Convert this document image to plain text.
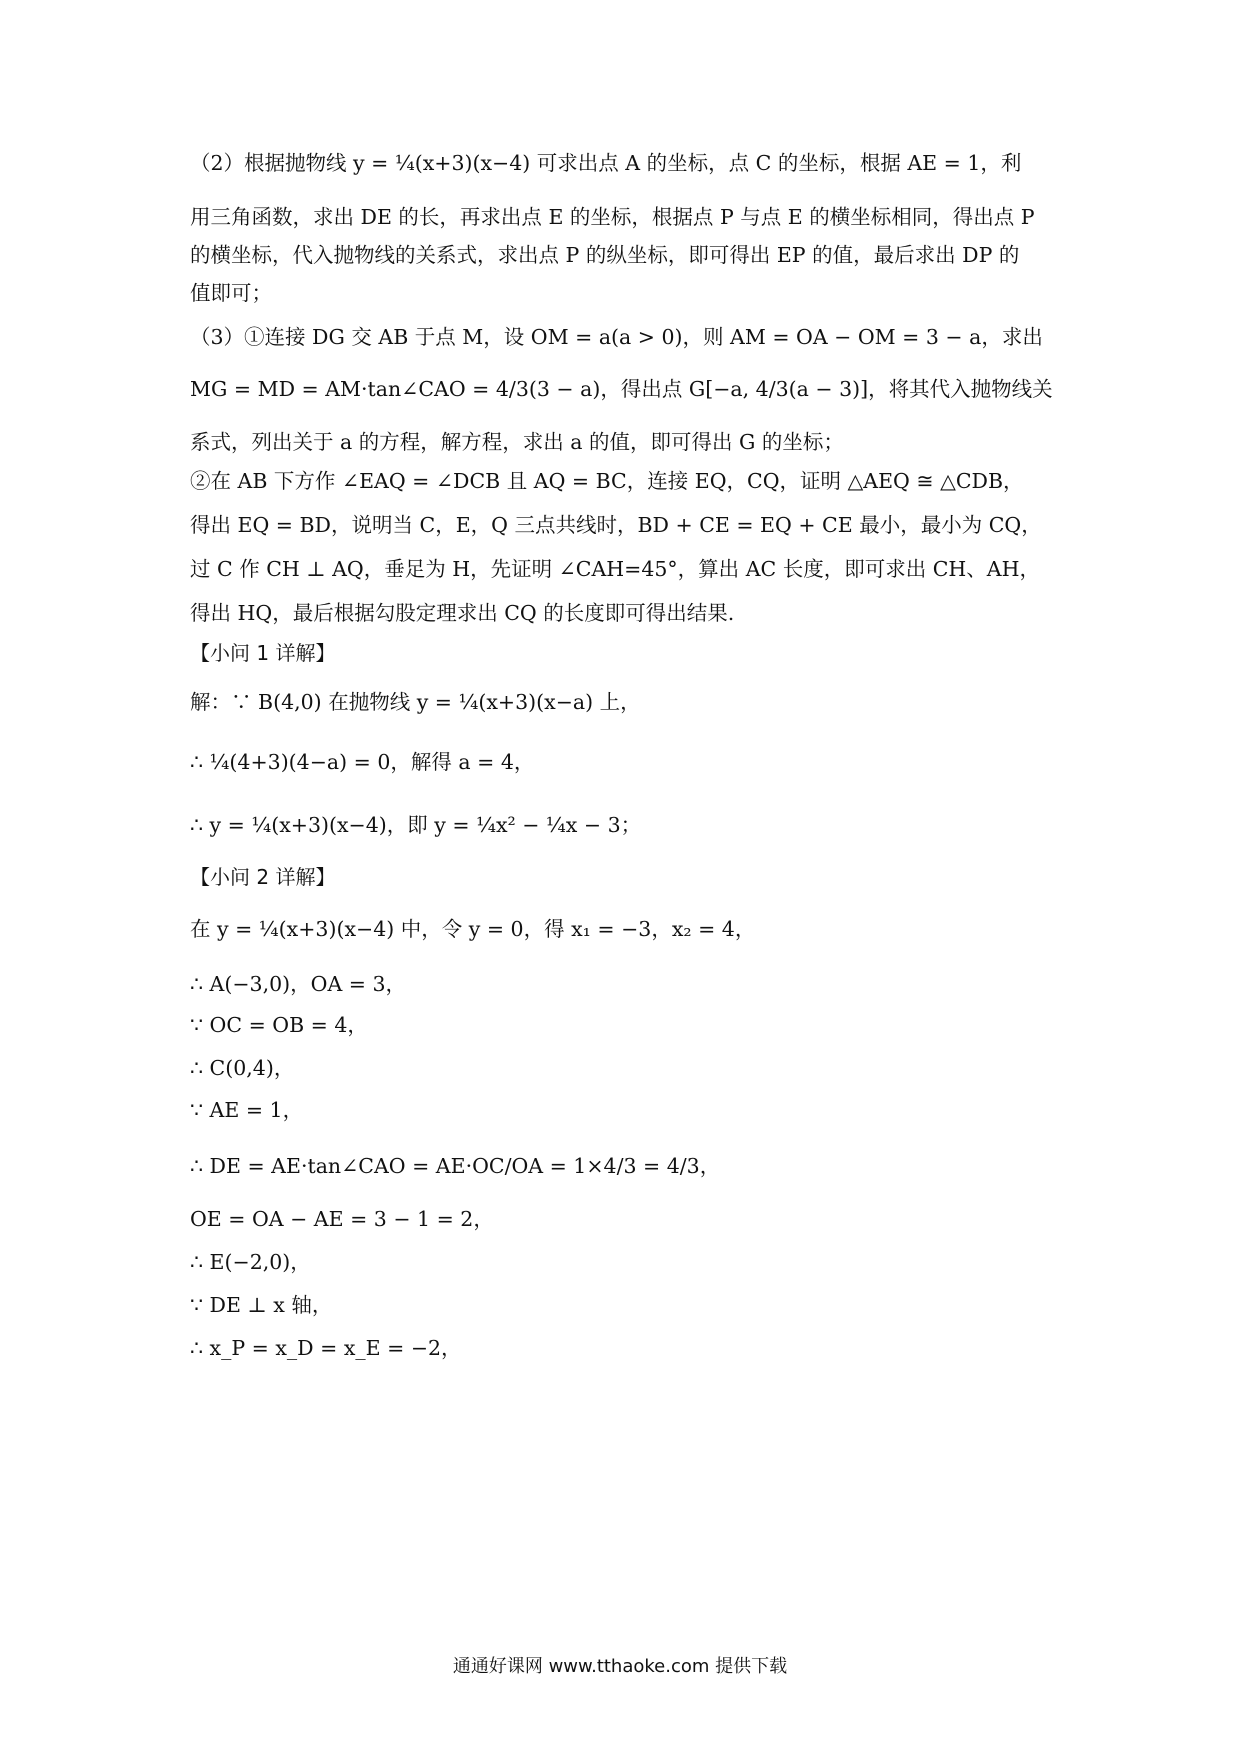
（2）根据抛物线 y = ¼(x+3)(x−4) 可求出点 A 的坐标，点 C 的坐标，根据 AE = 1，利
用三角函数，求出 DE 的长，再求出点 E 的坐标，根据点 P 与点 E 的横坐标相同，得出点 P
的横坐标，代入抛物线的关系式，求出点 P 的纵坐标，即可得出 EP 的值，最后求出 DP 的
值即可；
（3）①连接 DG 交 AB 于点 M，设 OM = a(a > 0)，则 AM = OA − OM = 3 − a，求出
MG = MD = AM·tan∠CAO = 4/3(3 − a)，得出点 G[−a, 4/3(a − 3)]，将其代入抛物线关
系式，列出关于 a 的方程，解方程，求出 a 的值，即可得出 G 的坐标；
②在 AB 下方作 ∠EAQ = ∠DCB 且 AQ = BC，连接 EQ，CQ，证明 △AEQ ≅ △CDB，
得出 EQ = BD，说明当 C，E，Q 三点共线时，BD + CE = EQ + CE 最小，最小为 CQ，
过 C 作 CH ⊥ AQ，垂足为 H，先证明 ∠CAH=45°，算出 AC 长度，即可求出 CH、AH，
得出 HQ，最后根据勾股定理求出 CQ 的长度即可得出结果.
【小问 1 详解】
解：∵ B(4,0) 在抛物线 y = ¼(x+3)(x−a) 上，
∴ ¼(4+3)(4−a) = 0，解得 a = 4，
∴ y = ¼(x+3)(x−4)，即 y = ¼x² − ¼x − 3；
【小问 2 详解】
在 y = ¼(x+3)(x−4) 中，令 y = 0，得 x₁ = −3，x₂ = 4，
∴ A(−3,0)，OA = 3，
∵ OC = OB = 4，
∴ C(0,4)，
∵ AE = 1，
∴ DE = AE·tan∠CAO = AE·OC/OA = 1×4/3 = 4/3，
OE = OA − AE = 3 − 1 = 2，
∴ E(−2,0)，
∵ DE ⊥ x 轴，
∴ x_P = x_D = x_E = −2，
通通好课网 www.tthaoke.com 提供下载
